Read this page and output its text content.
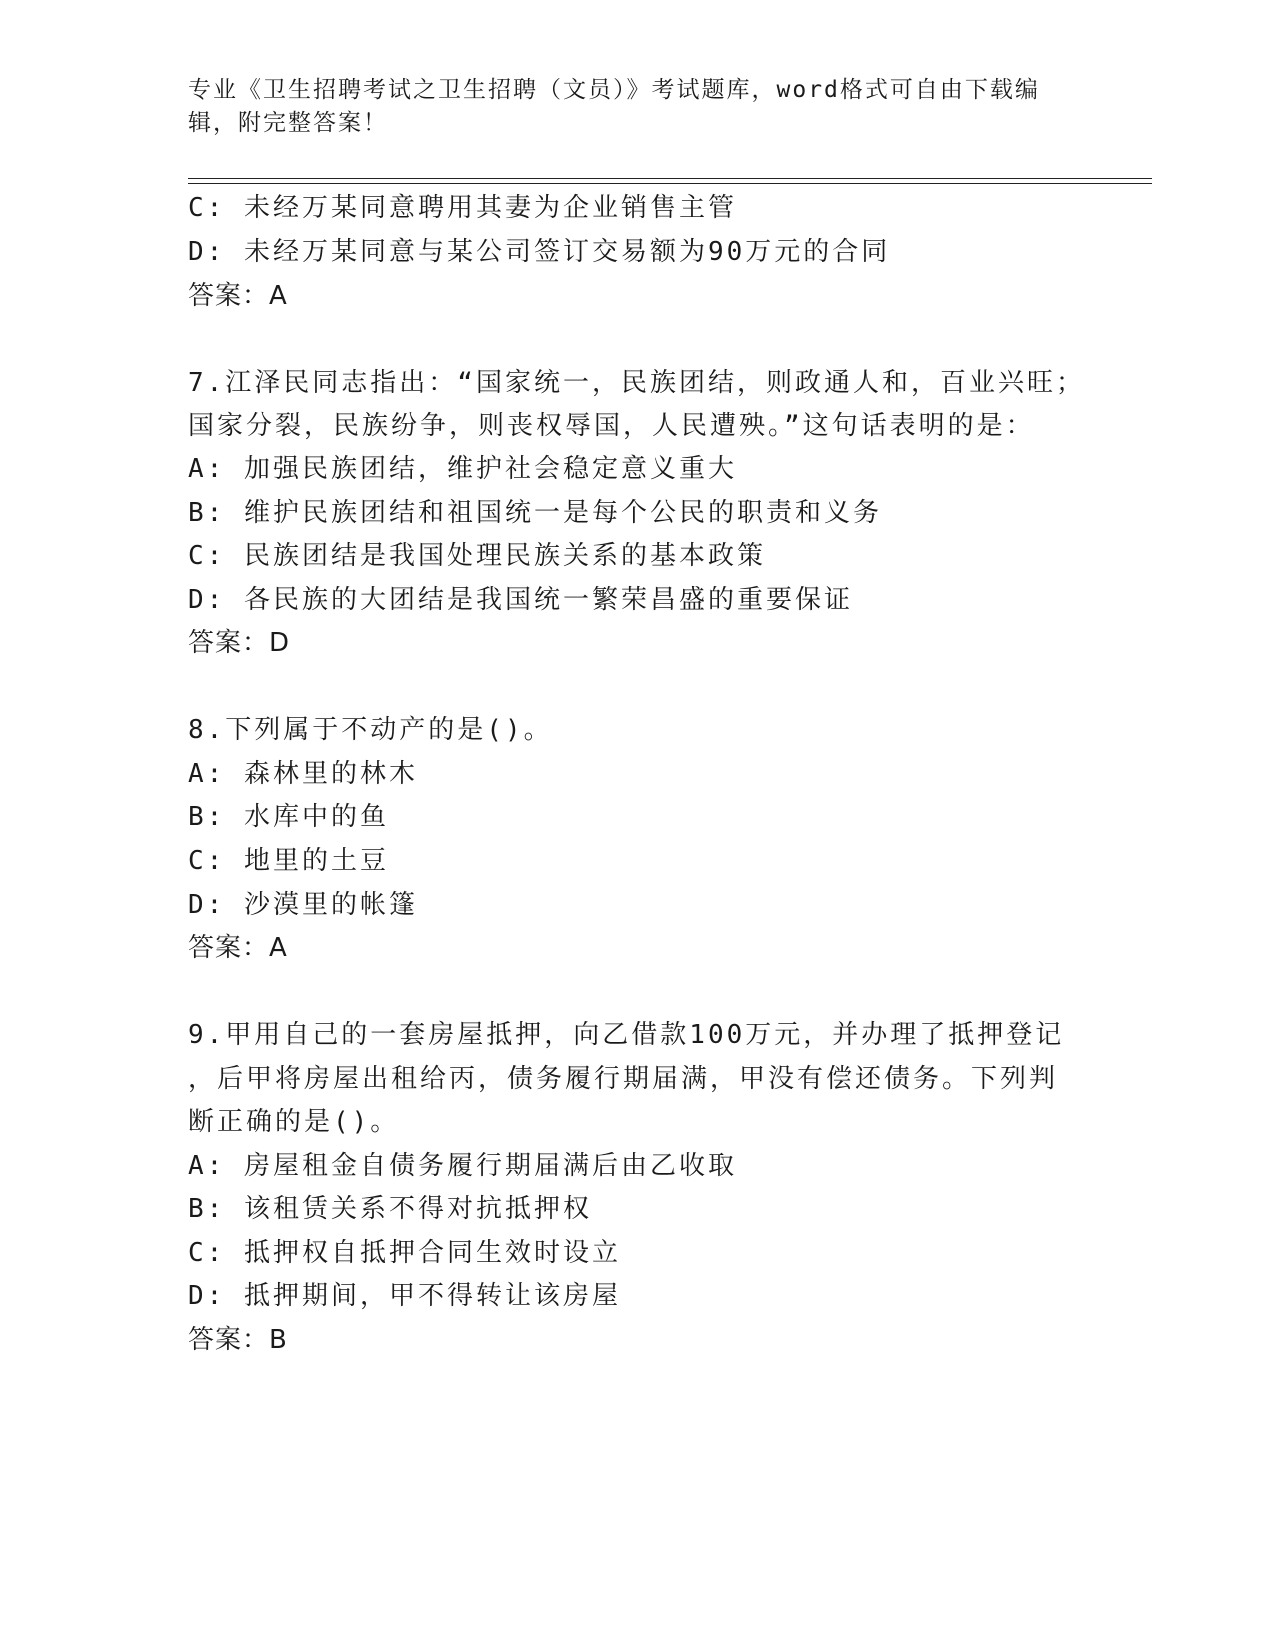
专业《卫生招聘考试之卫生招聘（文员）》考试题库，word格式可自由下载编辑，附完整答案！
C: 未经万某同意聘用其妻为企业销售主管
D: 未经万某同意与某公司签订交易额为90万元的合同
答案：A
7.江泽民同志指出：“国家统一，民族团结，则政通人和，百业兴旺；
国家分裂，民族纷争，则丧权辱国，人民遭殃。”这句话表明的是：
A: 加强民族团结，维护社会稳定意义重大
B: 维护民族团结和祖国统一是每个公民的职责和义务
C: 民族团结是我国处理民族关系的基本政策
D: 各民族的大团结是我国统一繁荣昌盛的重要保证
答案：D
8.下列属于不动产的是()。
A: 森林里的林木
B: 水库中的鱼
C: 地里的土豆
D: 沙漠里的帐篷
答案：A
9.甲用自己的一套房屋抵押，向乙借款100万元，并办理了抵押登记
，后甲将房屋出租给丙，债务履行期届满，甲没有偿还债务。下列判
断正确的是()。
A: 房屋租金自债务履行期届满后由乙收取
B: 该租赁关系不得对抗抵押权
C: 抵押权自抵押合同生效时设立
D: 抵押期间，甲不得转让该房屋
答案：B
